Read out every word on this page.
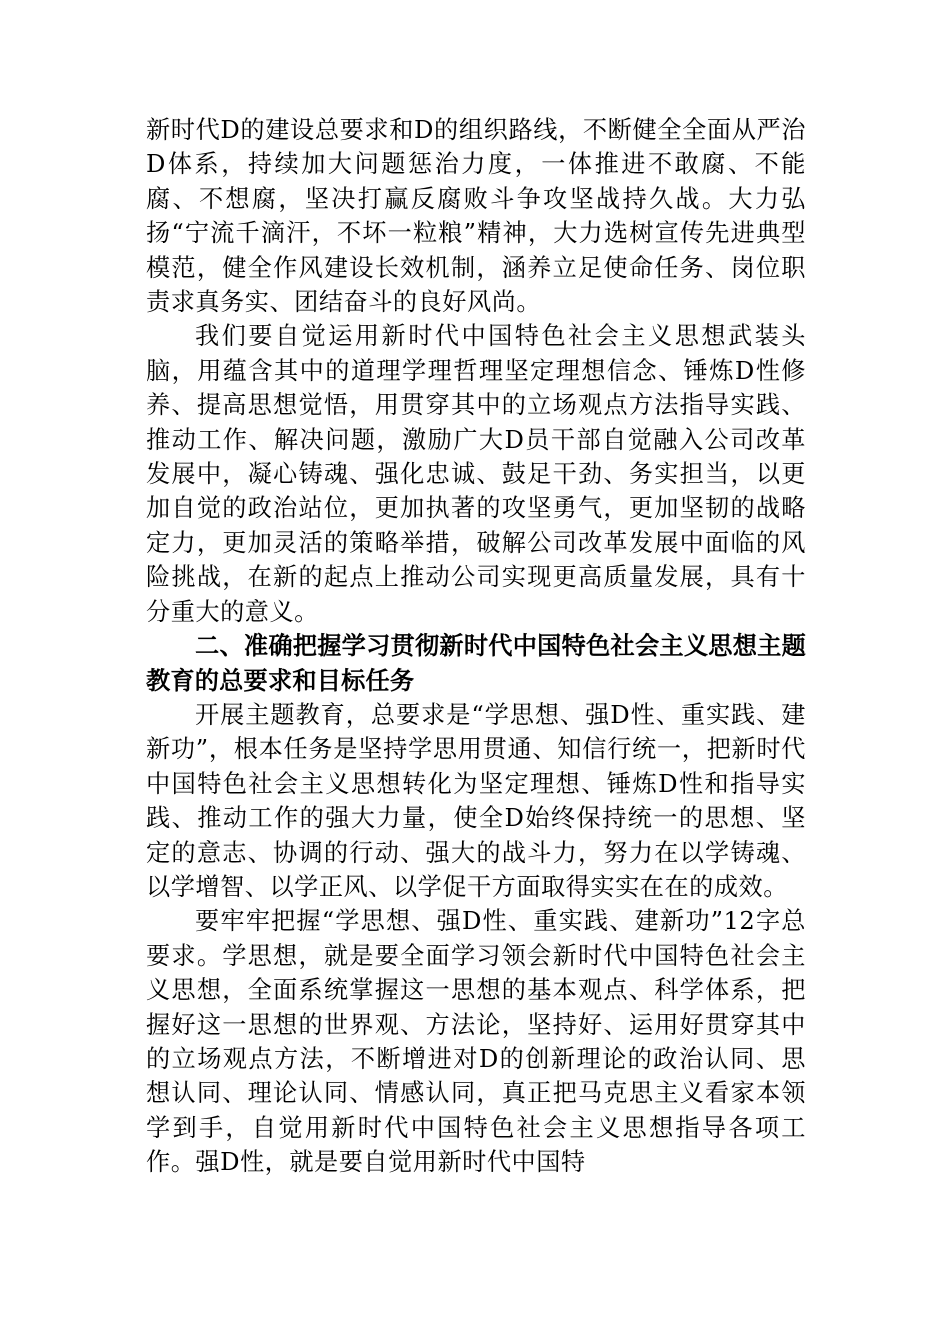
新时代D的建设总要求和D的组织路线，不断健全全面从严治D体系，持续加大问题惩治力度，一体推进不敢腐、不能腐、不想腐，坚决打赢反腐败斗争攻坚战持久战。大力弘扬“宁流千滴汗，不坏一粒粮”精神，大力选树宣传先进典型模范，健全作风建设长效机制，涵养立足使命任务、岗位职责求真务实、团结奋斗的良好风尚。

我们要自觉运用新时代中国特色社会主义思想武装头脑，用蕴含其中的道理学理哲理坚定理想信念、锤炼D性修养、提高思想觉悟，用贯穿其中的立场观点方法指导实践、推动工作、解决问题，激励广大D员干部自觉融入公司改革发展中，凝心铸魂、强化忠诚、鼓足干劲、务实担当，以更加自觉的政治站位，更加执著的攻坚勇气，更加坚韧的战略定力，更加灵活的策略举措，破解公司改革发展中面临的风险挑战，在新的起点上推动公司实现更高质量发展，具有十分重大的意义。

二、准确把握学习贯彻新时代中国特色社会主义思想主题教育的总要求和目标任务

开展主题教育，总要求是“学思想、强D性、重实践、建新功”，根本任务是坚持学思用贯通、知信行统一，把新时代中国特色社会主义思想转化为坚定理想、锤炼D性和指导实践、推动工作的强大力量，使全D始终保持统一的思想、坚定的意志、协调的行动、强大的战斗力，努力在以学铸魂、以学增智、以学正风、以学促干方面取得实实在在的成效。

要牢牢把握“学思想、强D性、重实践、建新功”12字总要求。学思想，就是要全面学习领会新时代中国特色社会主义思想，全面系统掌握这一思想的基本观点、科学体系，把握好这一思想的世界观、方法论，坚持好、运用好贯穿其中的立场观点方法，不断增进对D的创新理论的政治认同、思想认同、理论认同、情感认同，真正把马克思主义看家本领学到手，自觉用新时代中国特色社会主义思想指导各项工作。强D性，就是要自觉用新时代中国特
